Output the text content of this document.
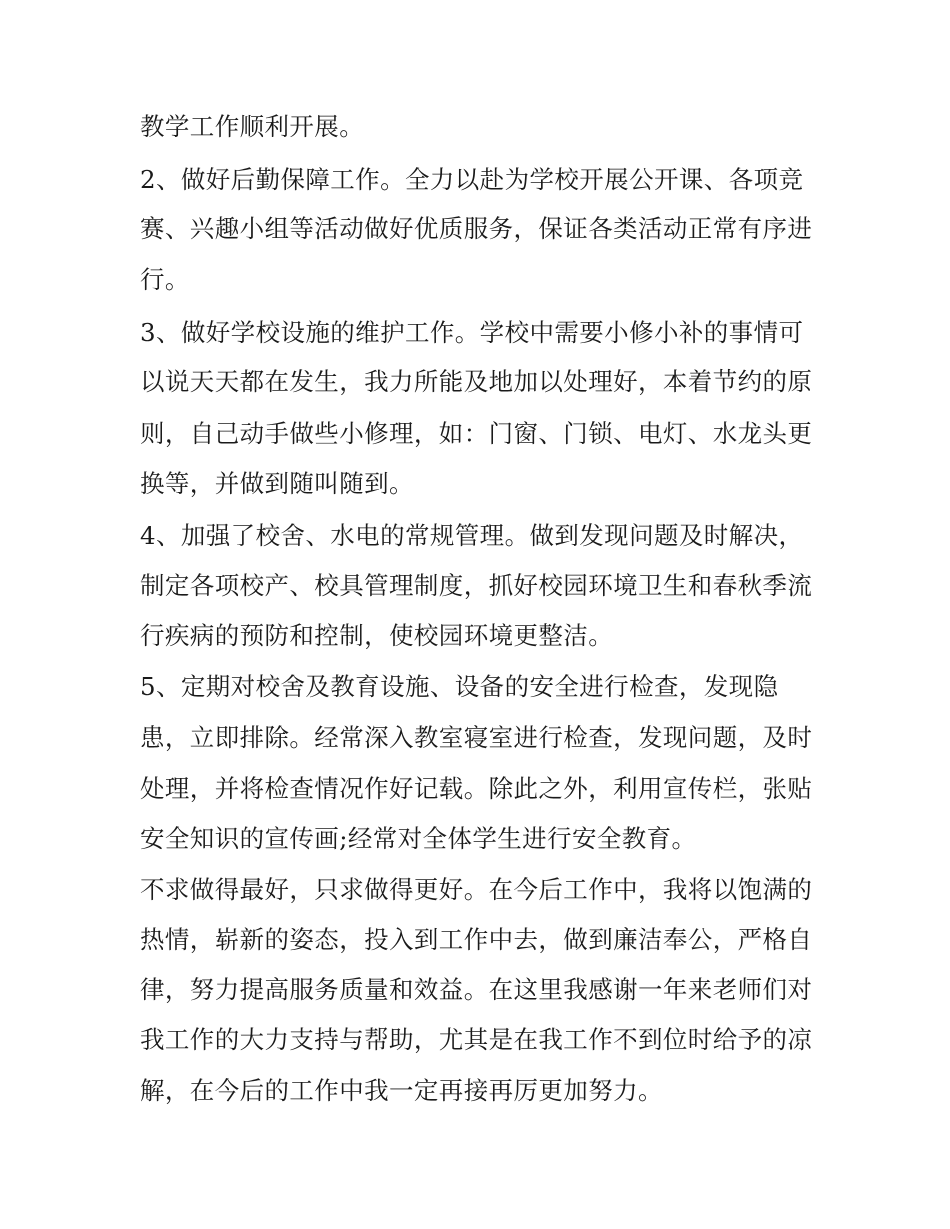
教学工作顺利开展。
2、做好后勤保障工作。全力以赴为学校开展公开课、各项竞
赛、兴趣小组等活动做好优质服务，保证各类活动正常有序进
行。
3、做好学校设施的维护工作。学校中需要小修小补的事情可
以说天天都在发生，我力所能及地加以处理好，本着节约的原
则，自己动手做些小修理，如：门窗、门锁、电灯、水龙头更
换等，并做到随叫随到。
4、加强了校舍、水电的常规管理。做到发现问题及时解决，
制定各项校产、校具管理制度，抓好校园环境卫生和春秋季流
行疾病的预防和控制，使校园环境更整洁。
5、定期对校舍及教育设施、设备的安全进行检查，发现隐
患，立即排除。经常深入教室寝室进行检查，发现问题，及时
处理，并将检查情况作好记载。除此之外，利用宣传栏，张贴
安全知识的宣传画;经常对全体学生进行安全教育。
不求做得最好，只求做得更好。在今后工作中，我将以饱满的
热情，崭新的姿态，投入到工作中去，做到廉洁奉公，严格自
律，努力提高服务质量和效益。在这里我感谢一年来老师们对
我工作的大力支持与帮助，尤其是在我工作不到位时给予的凉
解，在今后的工作中我一定再接再厉更加努力。
